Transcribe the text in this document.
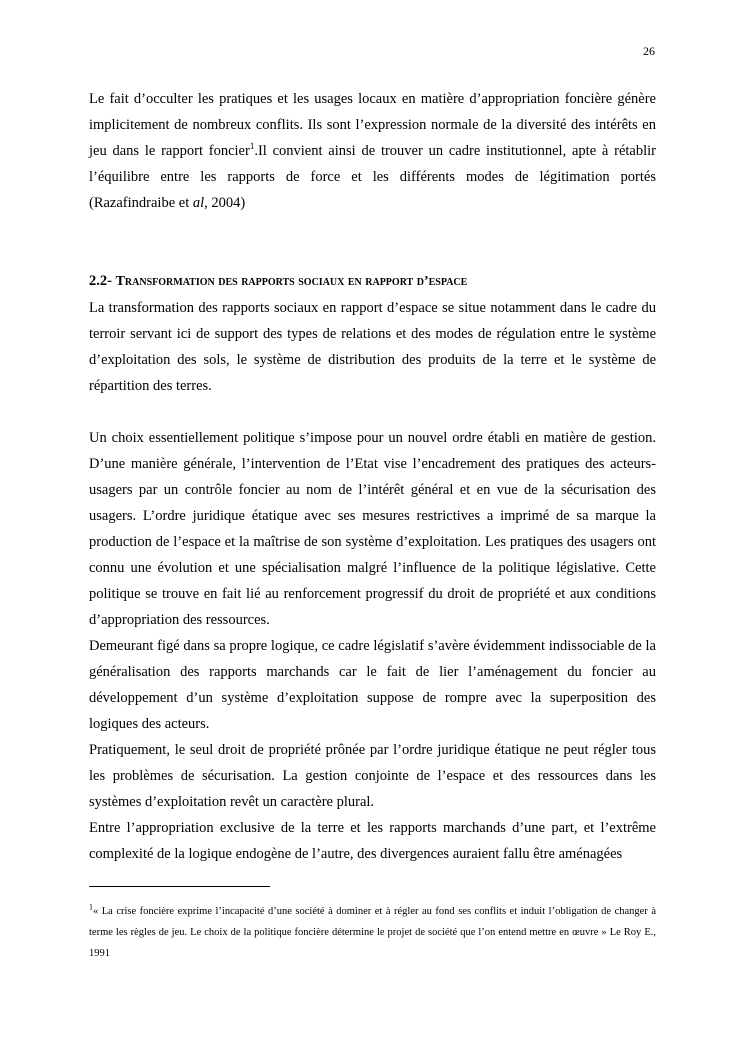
26

Le fait d’occulter les pratiques et les usages locaux en matière d’appropriation foncière génère implicitement de nombreux conflits. Ils sont l’expression normale de la diversité des intérêts en jeu dans le rapport foncier$^1$.Il convient ainsi de trouver un cadre institutionnel, apte à rétablir l’équilibre entre les rapports de force et les différents modes de légitimation portés (Razafindraibe et al, 2004)

2.2- Transformation des rapports sociaux en rapport d’espace

La transformation des rapports sociaux en rapport d’espace se situe notamment dans le cadre du terroir servant ici de support des types de relations et des modes de régulation entre le système d’exploitation des sols, le système de distribution des produits de la terre et le système de répartition des terres.

Un choix essentiellement politique s’impose pour un nouvel ordre établi en matière de gestion. D’une manière générale, l’intervention de l’Etat vise l’encadrement des pratiques des acteurs-usagers par un contrôle foncier au nom de l’intérêt général et en vue de la sécurisation des usagers. L’ordre juridique étatique avec ses mesures restrictives a imprimé de sa marque la production de l’espace et la maîtrise de son système d’exploitation. Les pratiques des usagers ont connu une évolution et une spécialisation malgré l’influence de la politique législative. Cette politique se trouve en fait lié au renforcement progressif du droit de propriété et aux conditions d’appropriation des ressources.

Demeurant figé dans sa propre logique, ce cadre législatif s’avère évidemment indissociable de la généralisation des rapports marchands car le fait de lier l’aménagement du foncier au développement d’un système d’exploitation suppose de rompre avec la superposition des logiques des acteurs.

Pratiquement, le seul droit de propriété prônée par l’ordre juridique étatique ne peut régler tous les problèmes de sécurisation. La gestion conjointe de l’espace et des ressources dans les systèmes d’exploitation revêt un caractère plural.

Entre l’appropriation exclusive de la terre et les rapports marchands d’une part, et l’extrême complexité de la logique endogène de l’autre, des divergences auraient fallu être aménagées

$^1$« La crise foncière exprime l’incapacité d’une société à dominer et à régler au fond ses conflits et induit l’obligation de changer à terme les règles de jeu. Le choix de la politique foncière détermine le projet de société que l’on entend mettre en œuvre » Le Roy E., 1991
